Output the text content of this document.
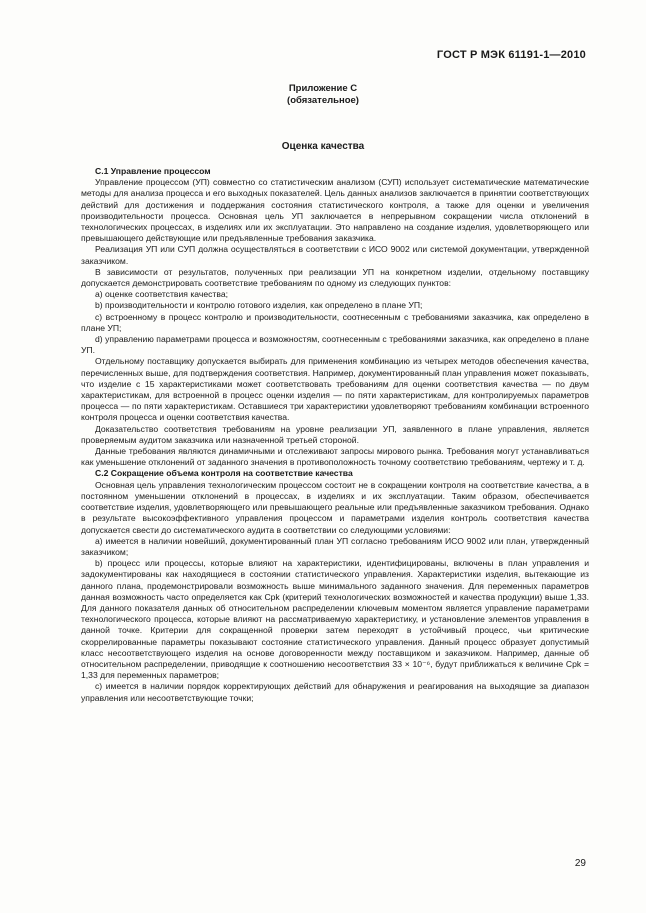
ГОСТ Р МЭК 61191-1—2010
Приложение С
(обязательное)
Оценка качества

С.1 Управление процессом

Управление процессом (УП) совместно со статистическим анализом (СУП) использует систематические математические методы для анализа процесса и его выходных показателей. Цель данных анализов заключается в принятии соответствующих действий для достижения и поддержания состояния статистического контроля, а также для оценки и увеличения производительности процесса. Основная цель УП заключается в непрерывном сокращении числа отклонений в технологических процессах, в изделиях или их эксплуатации. Это направлено на создание изделия, удовлетворяющего или превышающего действующие или предъявленные требования заказчика.

Реализация УП или СУП должна осуществляться в соответствии с ИСО 9002 или системой документации, утвержденной заказчиком.

В зависимости от результатов, полученных при реализации УП на конкретном изделии, отдельному поставщику допускается демонстрировать соответствие требованиям по одному из следующих пунктов:

а) оценке соответствия качества;

b) производительности и контролю готового изделия, как определено в плане УП;

с) встроенному в процесс контролю и производительности, соотнесенным с требованиями заказчика, как определено в плане УП;

d) управлению параметрами процесса и возможностям, соотнесенным с требованиями заказчика, как определено в плане УП.

Отдельному поставщику допускается выбирать для применения комбинацию из четырех методов обеспечения качества, перечисленных выше, для подтверждения соответствия. Например, документированный план управления может показывать, что изделие с 15 характеристиками может соответствовать требованиям для оценки соответствия качества — по двум характеристикам, для встроенной в процесс оценки изделия — по пяти характеристикам, для контролируемых параметров процесса — по пяти характеристикам. Оставшиеся три характеристики удовлетворяют требованиям комбинации встроенного контроля процесса и оценки соответствия качества.

Доказательство соответствия требованиям на уровне реализации УП, заявленного в плане управления, является проверяемым аудитом заказчика или назначенной третьей стороной.

Данные требования являются динамичными и отслеживают запросы мирового рынка. Требования могут устанавливаться как уменьшение отклонений от заданного значения в противоположность точному соответствию требованиям, чертежу и т. д.

С.2 Сокращение объема контроля на соответствие качества

Основная цель управления технологическим процессом состоит не в сокращении контроля на соответствие качества, а в постоянном уменьшении отклонений в процессах, в изделиях и их эксплуатации. Таким образом, обеспечивается соответствие изделия, удовлетворяющего или превышающего реальные или предъявленные заказчиком требования. Однако в результате высокоэффективного управления процессом и параметрами изделия контроль соответствия качества допускается свести до систематического аудита в соответствии со следующими условиями:

а) имеется в наличии новейший, документированный план УП согласно требованиям ИСО 9002 или план, утвержденный заказчиком;

b) процесс или процессы, которые влияют на характеристики, идентифицированы, включены в план управления и задокументированы как находящиеся в состоянии статистического управления. Характеристики изделия, вытекающие из данного плана, продемонстрировали возможность выше минимального заданного значения. Для переменных параметров данная возможность часто определяется как Cpk (критерий технологических возможностей и качества продукции) выше 1,33. Для данного показателя данных об относительном распределении ключевым моментом является управление параметрами технологического процесса, которые влияют на рассматриваемую характеристику, и установление элементов управления в данной точке. Критерии для сокращенной проверки затем переходят в устойчивый процесс, чьи критические скоррелированные параметры показывают состояние статистического управления. Данный процесс образует допустимый класс несоответствующего изделия на основе договоренности между поставщиком и заказчиком. Например, данные об относительном распределении, приводящие к соотношению несоответствия 33 × 10⁻⁶, будут приближаться к величине Cpk = 1,33 для переменных параметров;

с) имеется в наличии порядок корректирующих действий для обнаружения и реагирования на выходящие за диапазон управления или несоответствующие точки;

29
